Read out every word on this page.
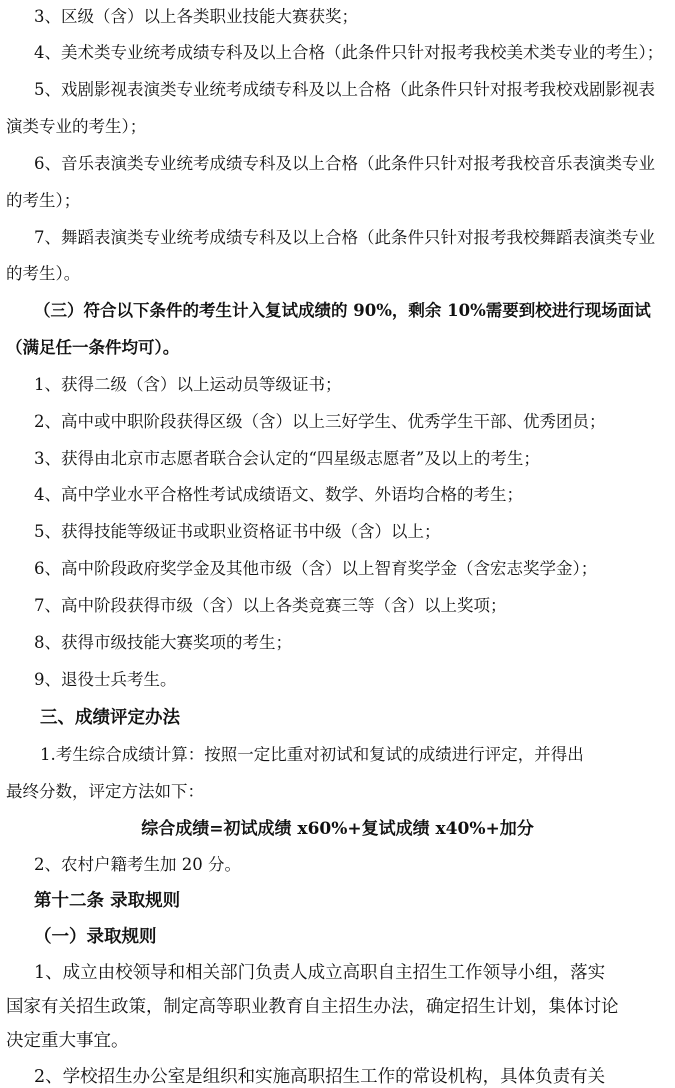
3、区级（含）以上各类职业技能大赛获奖；
4、美术类专业统考成绩专科及以上合格（此条件只针对报考我校美术类专业的考生）；
5、戏剧影视表演类专业统考成绩专科及以上合格（此条件只针对报考我校戏剧影视表
演类专业的考生）；
6、音乐表演类专业统考成绩专科及以上合格（此条件只针对报考我校音乐表演类专业
的考生）；
7、舞蹈表演类专业统考成绩专科及以上合格（此条件只针对报考我校舞蹈表演类专业
的考生）。
（三）符合以下条件的考生计入复试成绩的 90%，剩余 10%需要到校进行现场面试
（满足任一条件均可）。
1、获得二级（含）以上运动员等级证书；
2、高中或中职阶段获得区级（含）以上三好学生、优秀学生干部、优秀团员；
3、获得由北京市志愿者联合会认定的“四星级志愿者”及以上的考生；
4、高中学业水平合格性考试成绩语文、数学、外语均合格的考生；
5、获得技能等级证书或职业资格证书中级（含）以上；
6、高中阶段政府奖学金及其他市级（含）以上智育奖学金（含宏志奖学金）；
7、高中阶段获得市级（含）以上各类竞赛三等（含）以上奖项；
8、获得市级技能大赛奖项的考生；
9、退役士兵考生。
三、成绩评定办法
1.考生综合成绩计算：按照一定比重对初试和复试的成绩进行评定，并得出
最终分数，评定方法如下：
综合成绩=初试成绩 x60%+复试成绩 x40%+加分
2、农村户籍考生加 20 分。
第十二条 录取规则
（一）录取规则
1、成立由校领导和相关部门负责人成立高职自主招生工作领导小组，落实
国家有关招生政策，制定高等职业教育自主招生办法，确定招生计划，集体讨论
决定重大事宜。
2、学校招生办公室是组织和实施高职招生工作的常设机构，具体负责有关
